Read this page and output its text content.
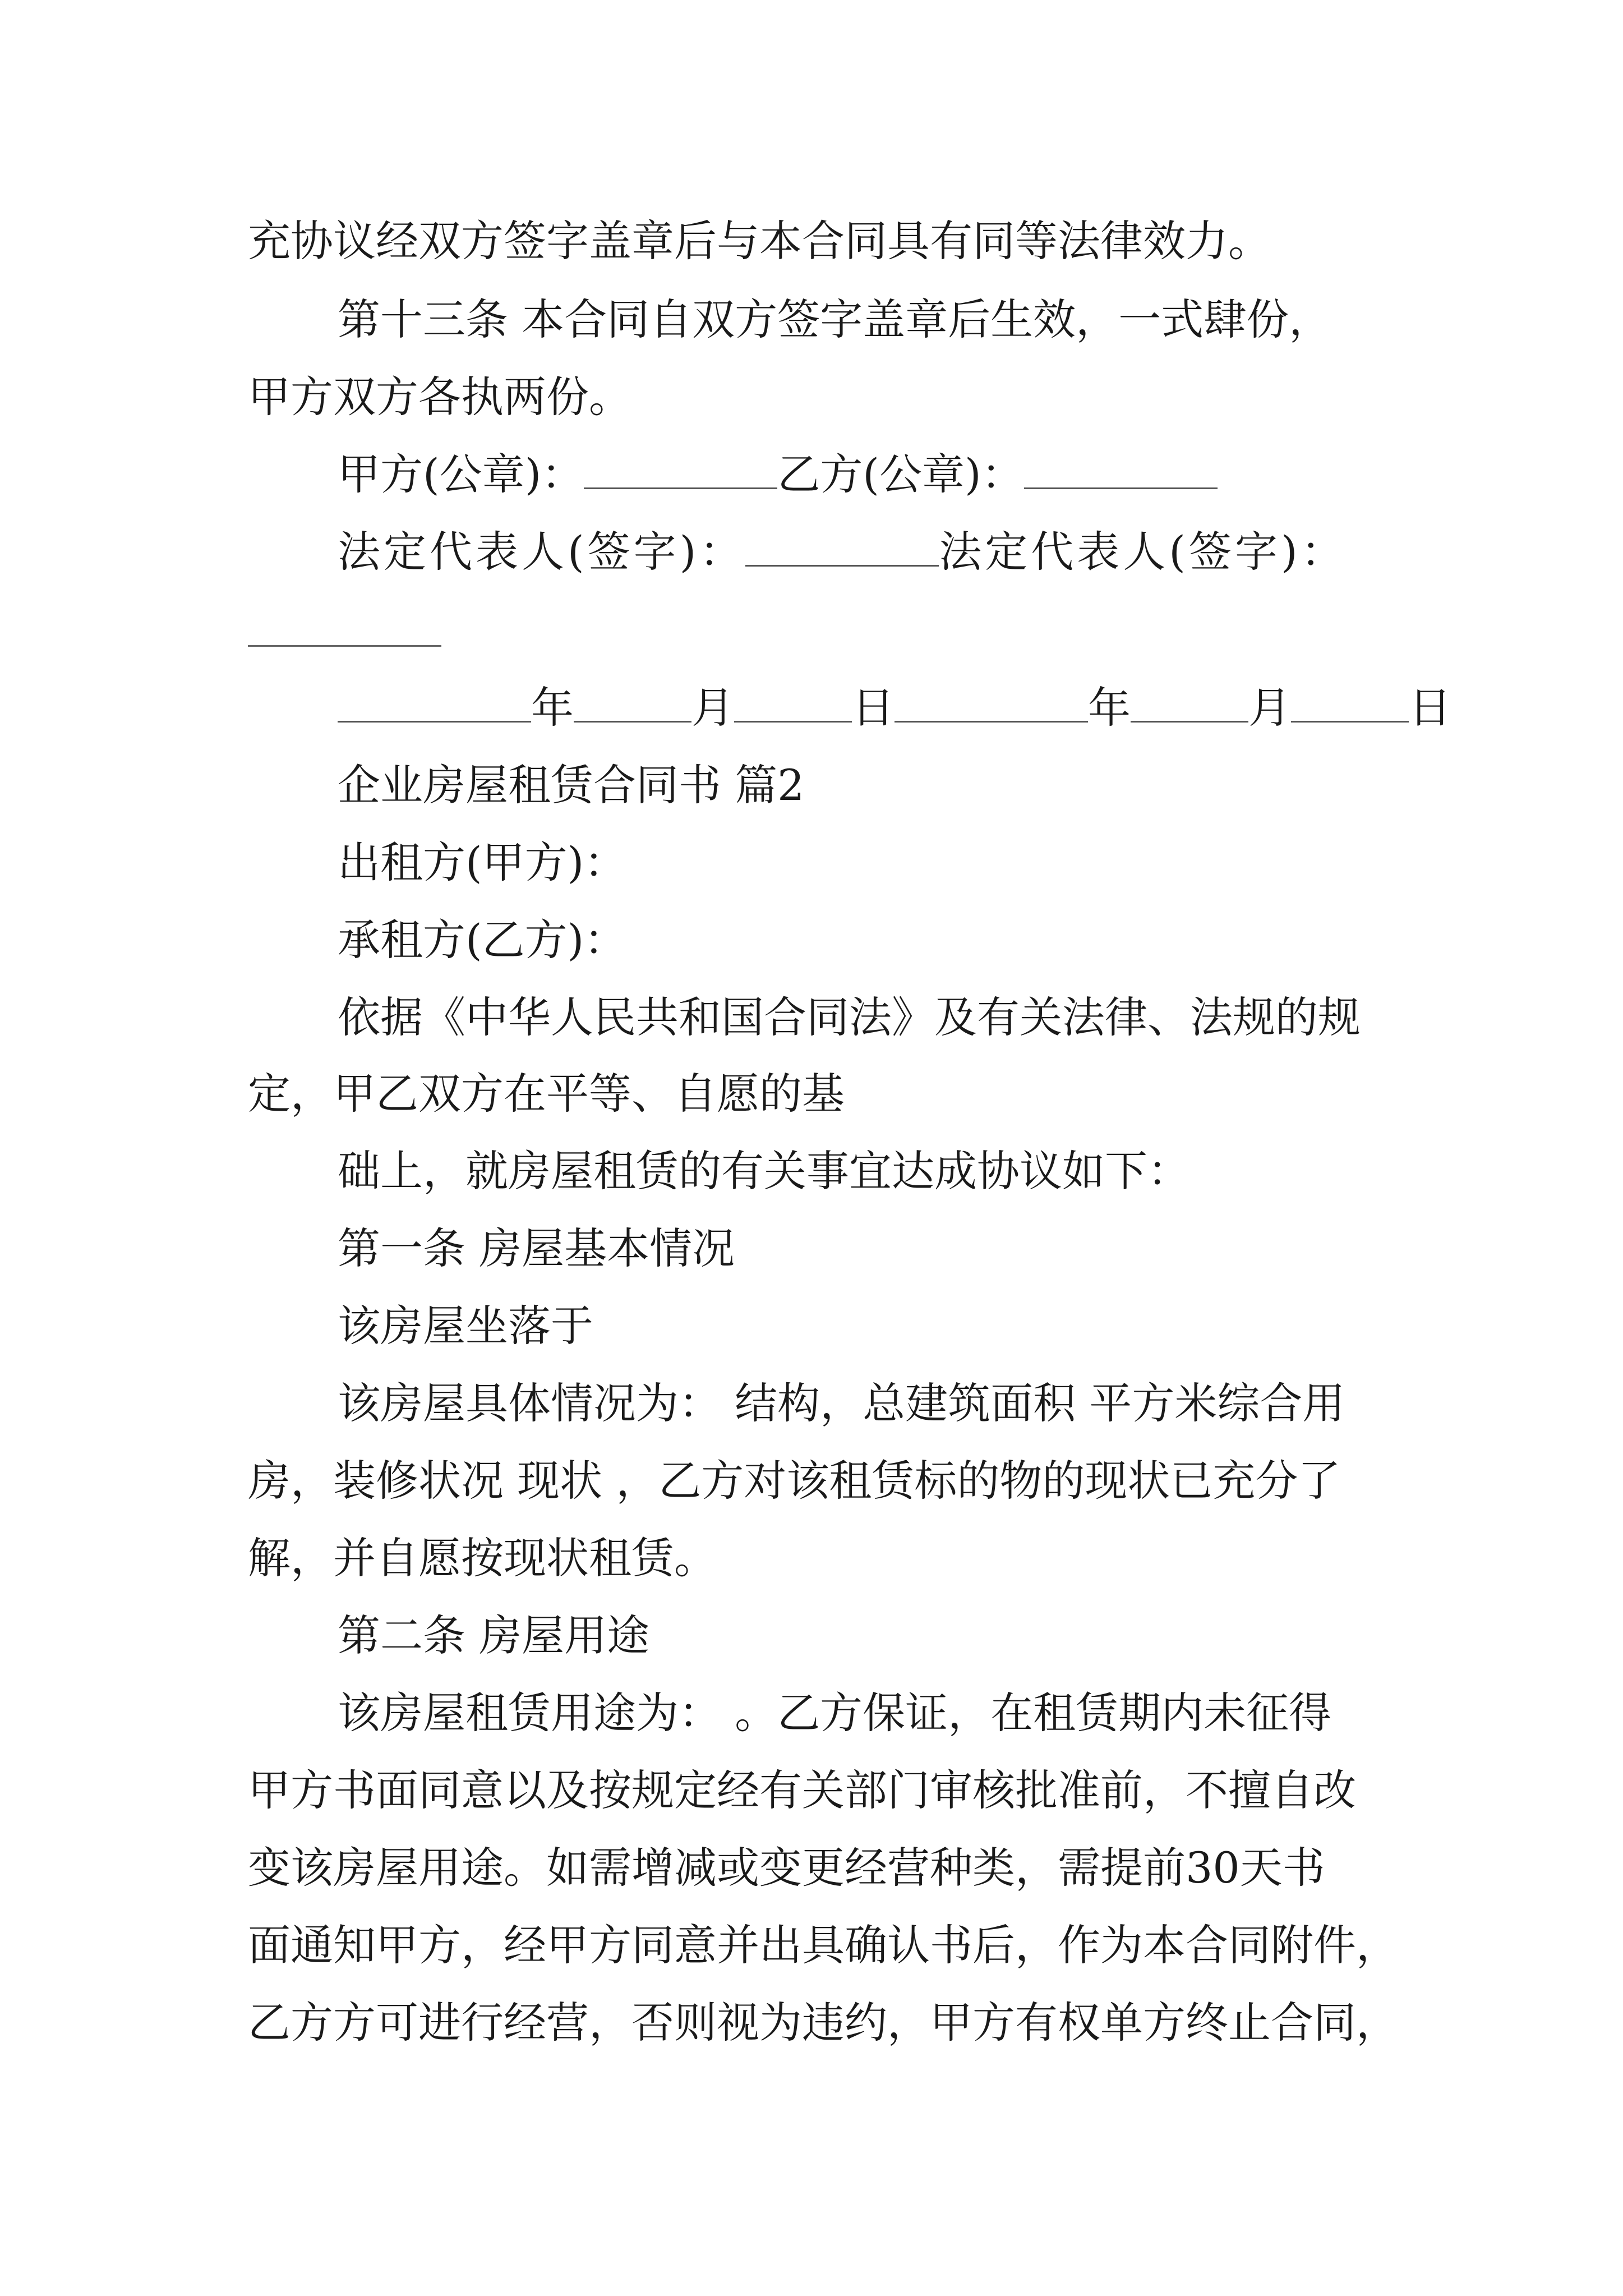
充协议经双方签字盖章后与本合同具有同等法律效力。
第十三条 本合同自双方签字盖章后生效，一式肆份，
甲方双方各执两份。
甲方(公章)：	乙方(公章)：
法定代表人(签字)：	法定代表人(签字)：
年	月	日	年	月	日
企业房屋租赁合同书 篇2
出租方(甲方)：
承租方(乙方)：
依据《中华人民共和国合同法》及有关法律、法规的规
定，甲乙双方在平等、自愿的基
础上，就房屋租赁的有关事宜达成协议如下：
第一条 房屋基本情况
该房屋坐落于
该房屋具体情况为： 结构，总建筑面积 平方米综合用
房，装修状况 现状 ，乙方对该租赁标的物的现状已充分了
解，并自愿按现状租赁。
第二条 房屋用途
该房屋租赁用途为： 。乙方保证，在租赁期内未征得
甲方书面同意以及按规定经有关部门审核批准前，不擅自改
变该房屋用途。如需增减或变更经营种类，需提前30天书
面通知甲方，经甲方同意并出具确认书后，作为本合同附件，
乙方方可进行经营，否则视为违约，甲方有权单方终止合同，
